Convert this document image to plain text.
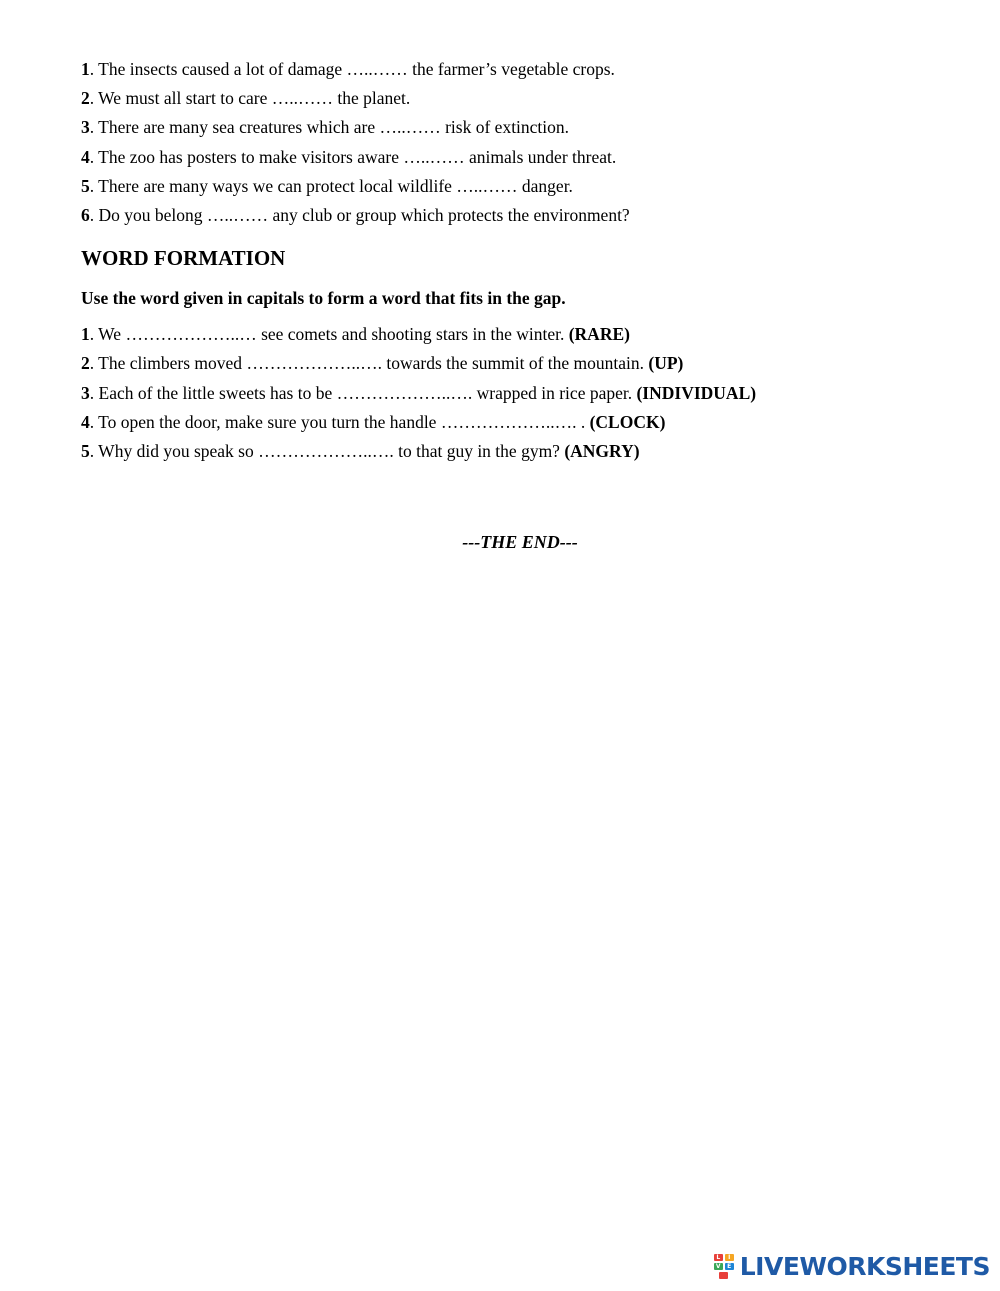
1. The insects caused a lot of damage …..…… the farmer’s vegetable crops.
2. We must all start to care …..…… the planet.
3. There are many sea creatures which are …..…… risk of extinction.
4. The zoo has posters to make visitors aware …..…… animals under threat.
5. There are many ways we can protect local wildlife …..…… danger.
6. Do you belong …..…… any club or group which protects the environment?
WORD FORMATION
Use the word given in capitals to form a word that fits in the gap.
1. We ………………..… see comets and shooting stars in the winter. (RARE)
2. The climbers moved ………………..…. towards the summit of the mountain. (UP)
3. Each of the little sweets has to be ………………..…. wrapped in rice paper. (INDIVIDUAL)
4. To open the door, make sure you turn the handle ………………..…. . (CLOCK)
5. Why did you speak so ………………..…. to that guy in the gym? (ANGRY)
---THE END---
L	I
V	E LIVEWORKSHEETS
